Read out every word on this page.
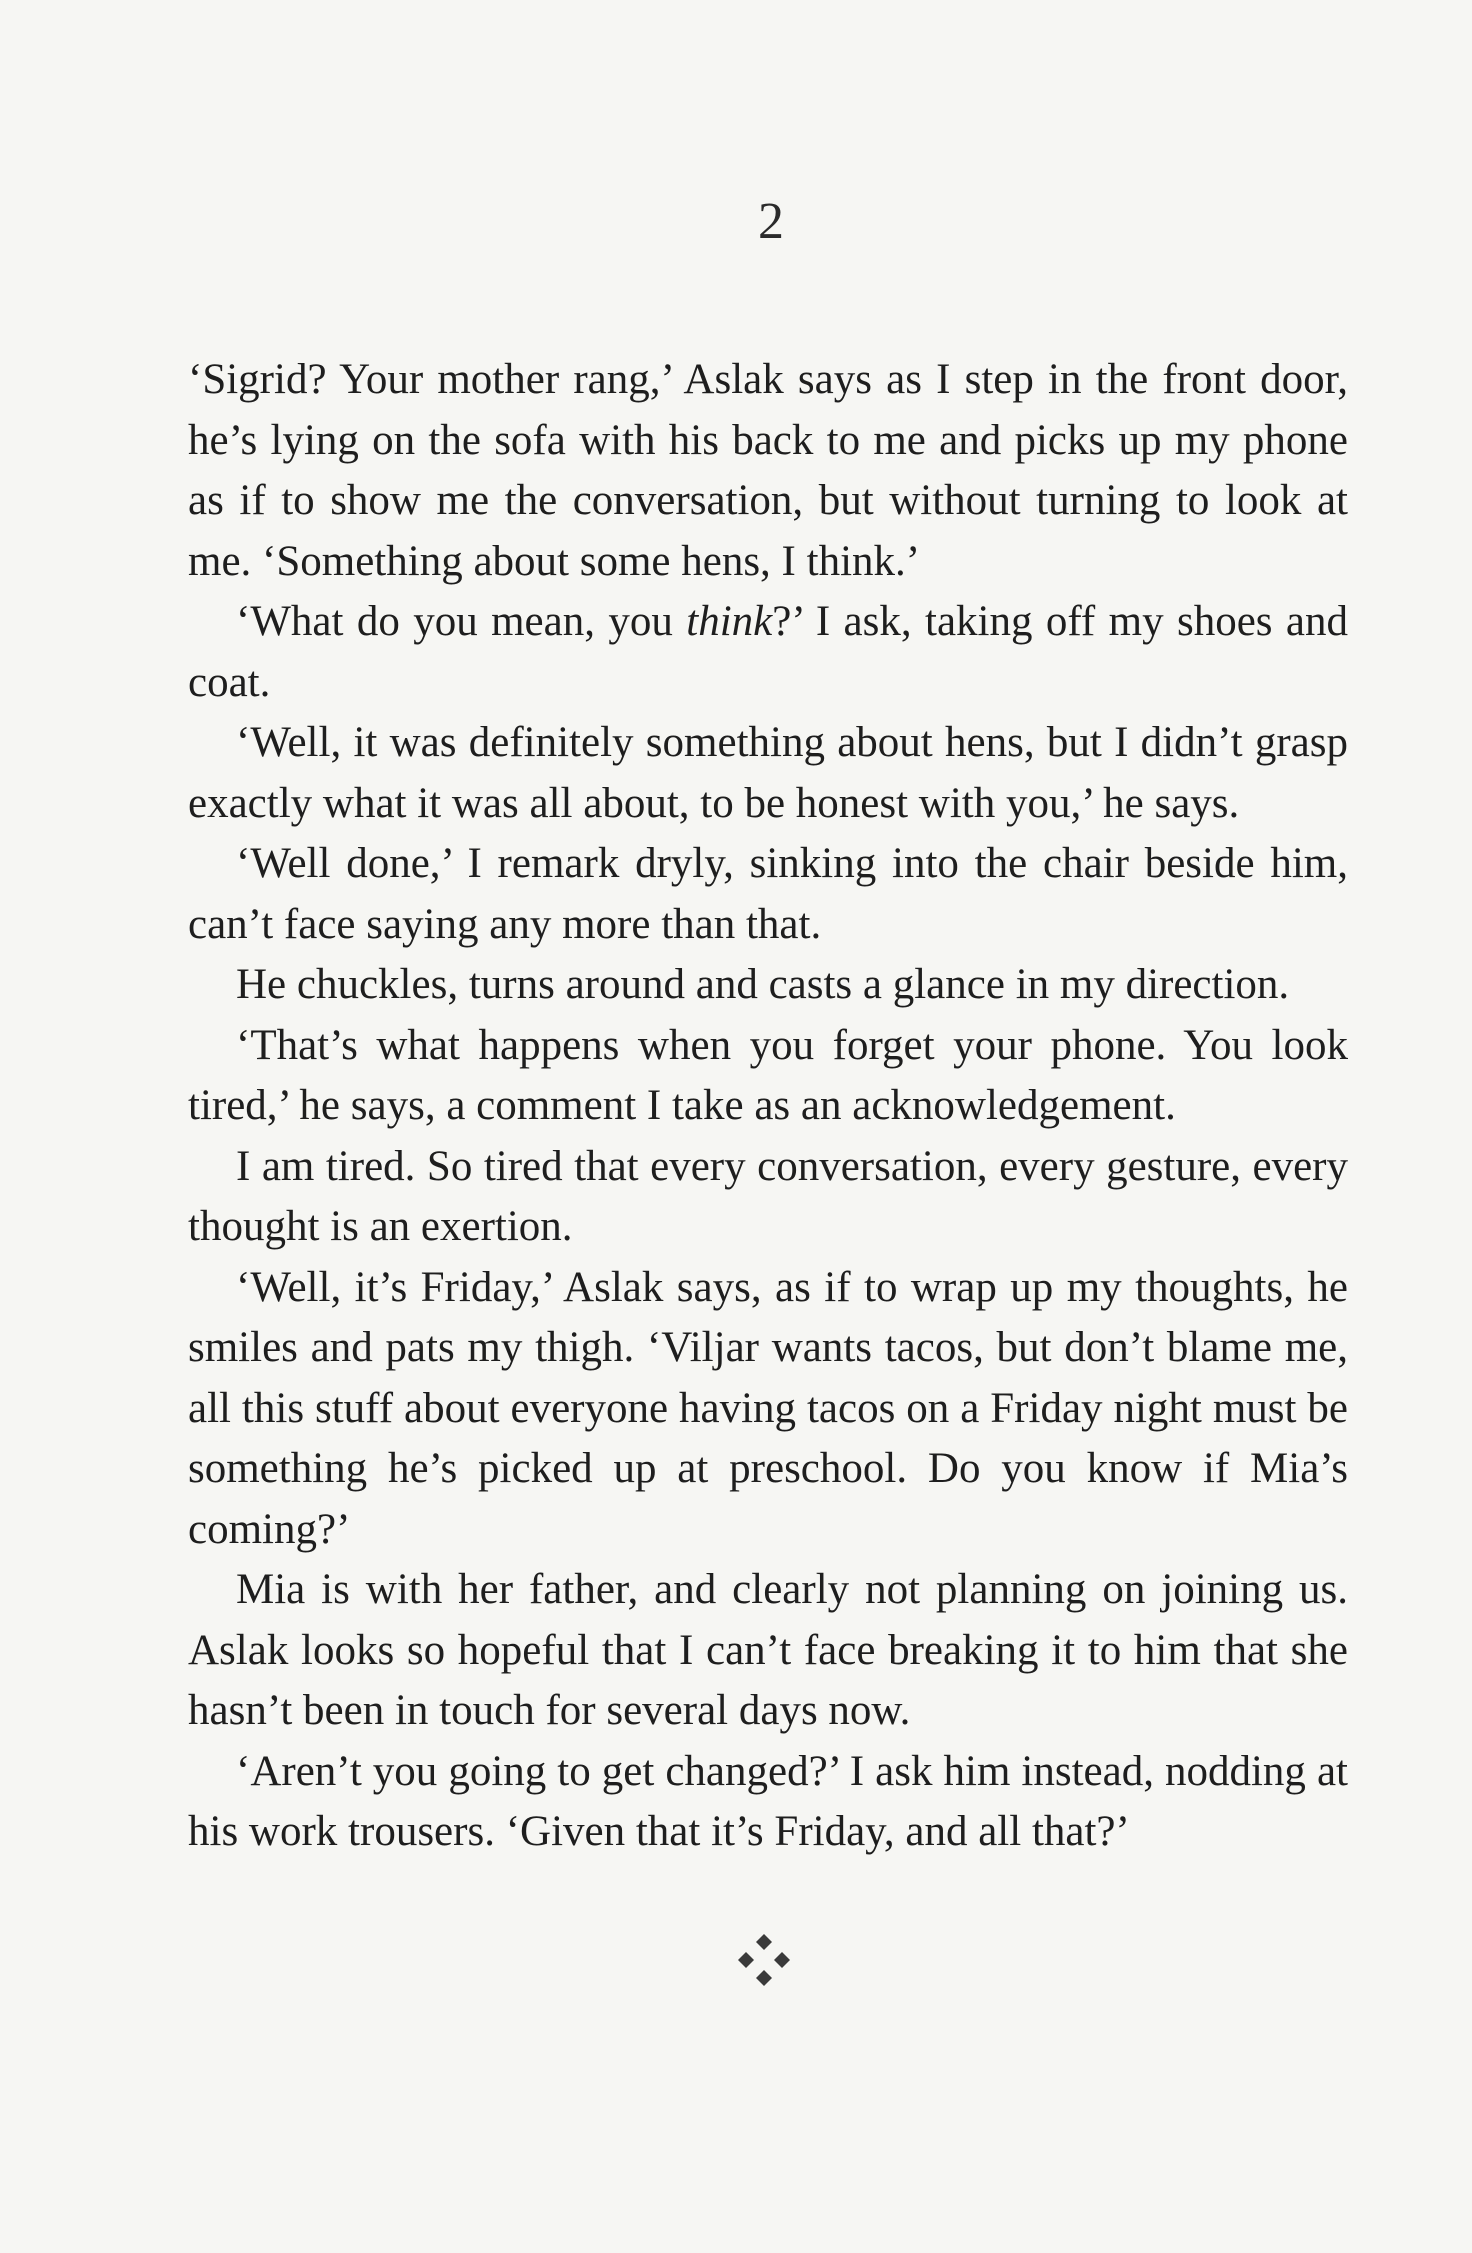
2

‘Sigrid? Your mother rang,’ Aslak says as I step in the front door, he’s lying on the sofa with his back to me and picks up my phone as if to show me the conversation, but without turning to look at me. ‘Something about some hens, I think.’

‘What do you mean, you think?’ I ask, taking off my shoes and coat.

‘Well, it was definitely something about hens, but I didn’t grasp exactly what it was all about, to be honest with you,’ he says.

‘Well done,’ I remark dryly, sinking into the chair beside him, can’t face saying any more than that.

He chuckles, turns around and casts a glance in my direction.

‘That’s what happens when you forget your phone. You look tired,’ he says, a comment I take as an acknowledgement.

I am tired. So tired that every conversation, every gesture, every thought is an exertion.

‘Well, it’s Friday,’ Aslak says, as if to wrap up my thoughts, he smiles and pats my thigh. ‘Viljar wants tacos, but don’t blame me, all this stuff about everyone having tacos on a Friday night must be something he’s picked up at preschool. Do you know if Mia’s coming?’

Mia is with her father, and clearly not planning on joining us. Aslak looks so hopeful that I can’t face breaking it to him that she hasn’t been in touch for several days now.

‘Aren’t you going to get changed?’ I ask him instead, nodding at his work trousers. ‘Given that it’s Friday, and all that?’
